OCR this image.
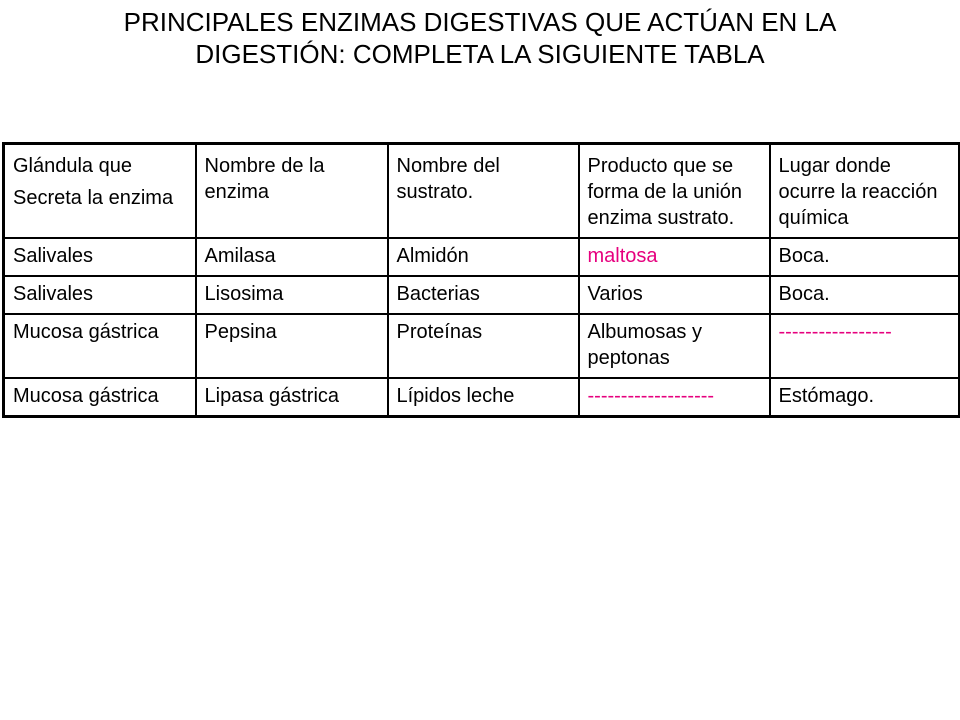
PRINCIPALES ENZIMAS DIGESTIVAS QUE ACTÚAN EN LA
DIGESTIÓN: COMPLETA LA SIGUIENTE TABLA
Glándula que
Secreta la enzima	Nombre de la enzima	Nombre del sustrato.	Producto que se forma de la unión enzima sustrato.	Lugar donde ocurre la reacción química
Salivales	Amilasa	Almidón	maltosa	Boca.
Salivales	Lisosima	Bacterias	Varios	Boca.
Mucosa gástrica	Pepsina	Proteínas	Albumosas y peptonas	-----------------
Mucosa gástrica	Lipasa gástrica	Lípidos leche	-------------------	Estómago.
